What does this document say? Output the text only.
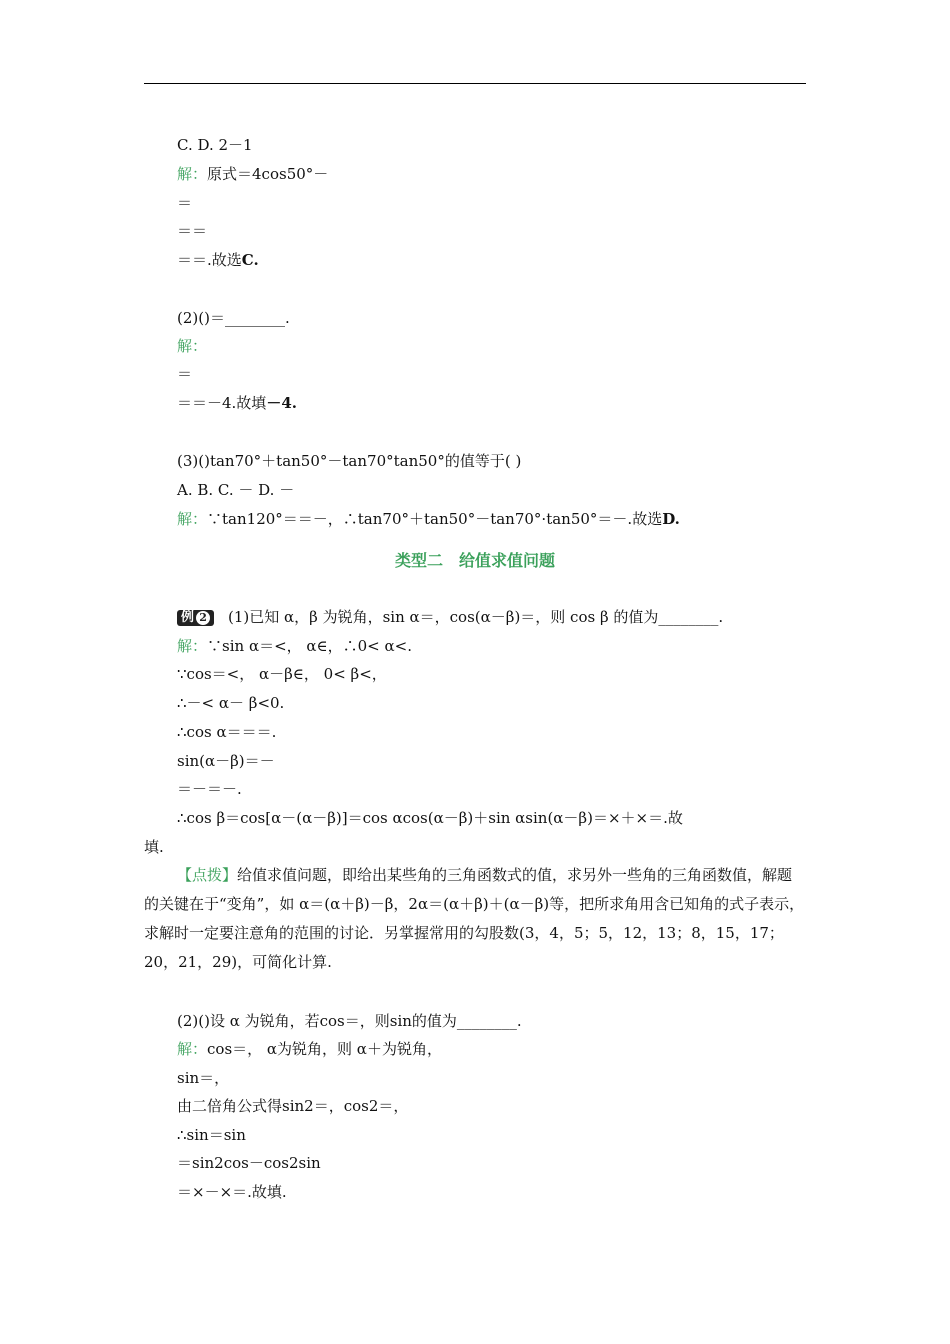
C. D. 2－1
解：原式＝4cos50°－
＝
＝＝
＝＝.故选C.
(2)()＝________.
解：
＝
＝＝－4.故填－4.
(3)()tan70°＋tan50°－tan70°tan50°的值等于( )
A. B. C. － D. －
解：∵tan120°＝＝－，∴tan70°＋tan50°－tan70°·tan50°＝－.故选D.
类型二　给值求值问题
例 2 (1)已知 α，β 为锐角，sin α＝，cos(α－β)＝，则 cos β 的值为________.
解：∵sin α＝<， α∈，∴0< α<.
∵cos＝<， α－β∈， 0< β<，
∴－< α－ β<0.
∴cos α＝＝＝.
sin(α－β)＝－
＝－＝－.
∴cos β＝cos[α－(α－β)]＝cos αcos(α－β)＋sin αsin(α－β)＝×＋×＝.故
填.
【点拨】给值求值问题，即给出某些角的三角函数式的值，求另外一些角的三角函数值，解题的关键在于“变角”，如 α＝(α＋β)－β，2α＝(α＋β)＋(α－β)等，把所求角用含已知角的式子表示，求解时一定要注意角的范围的讨论．另掌握常用的勾股数(3，4，5；5，12，13；8，15，17；20，21，29)，可简化计算.
(2)()设 α 为锐角，若cos＝，则sin的值为________.
解：cos＝， α为锐角，则 α＋为锐角，
sin＝，
由二倍角公式得sin2＝，cos2＝，
∴sin＝sin
＝sin2cos－cos2sin
＝×－×＝.故填.
